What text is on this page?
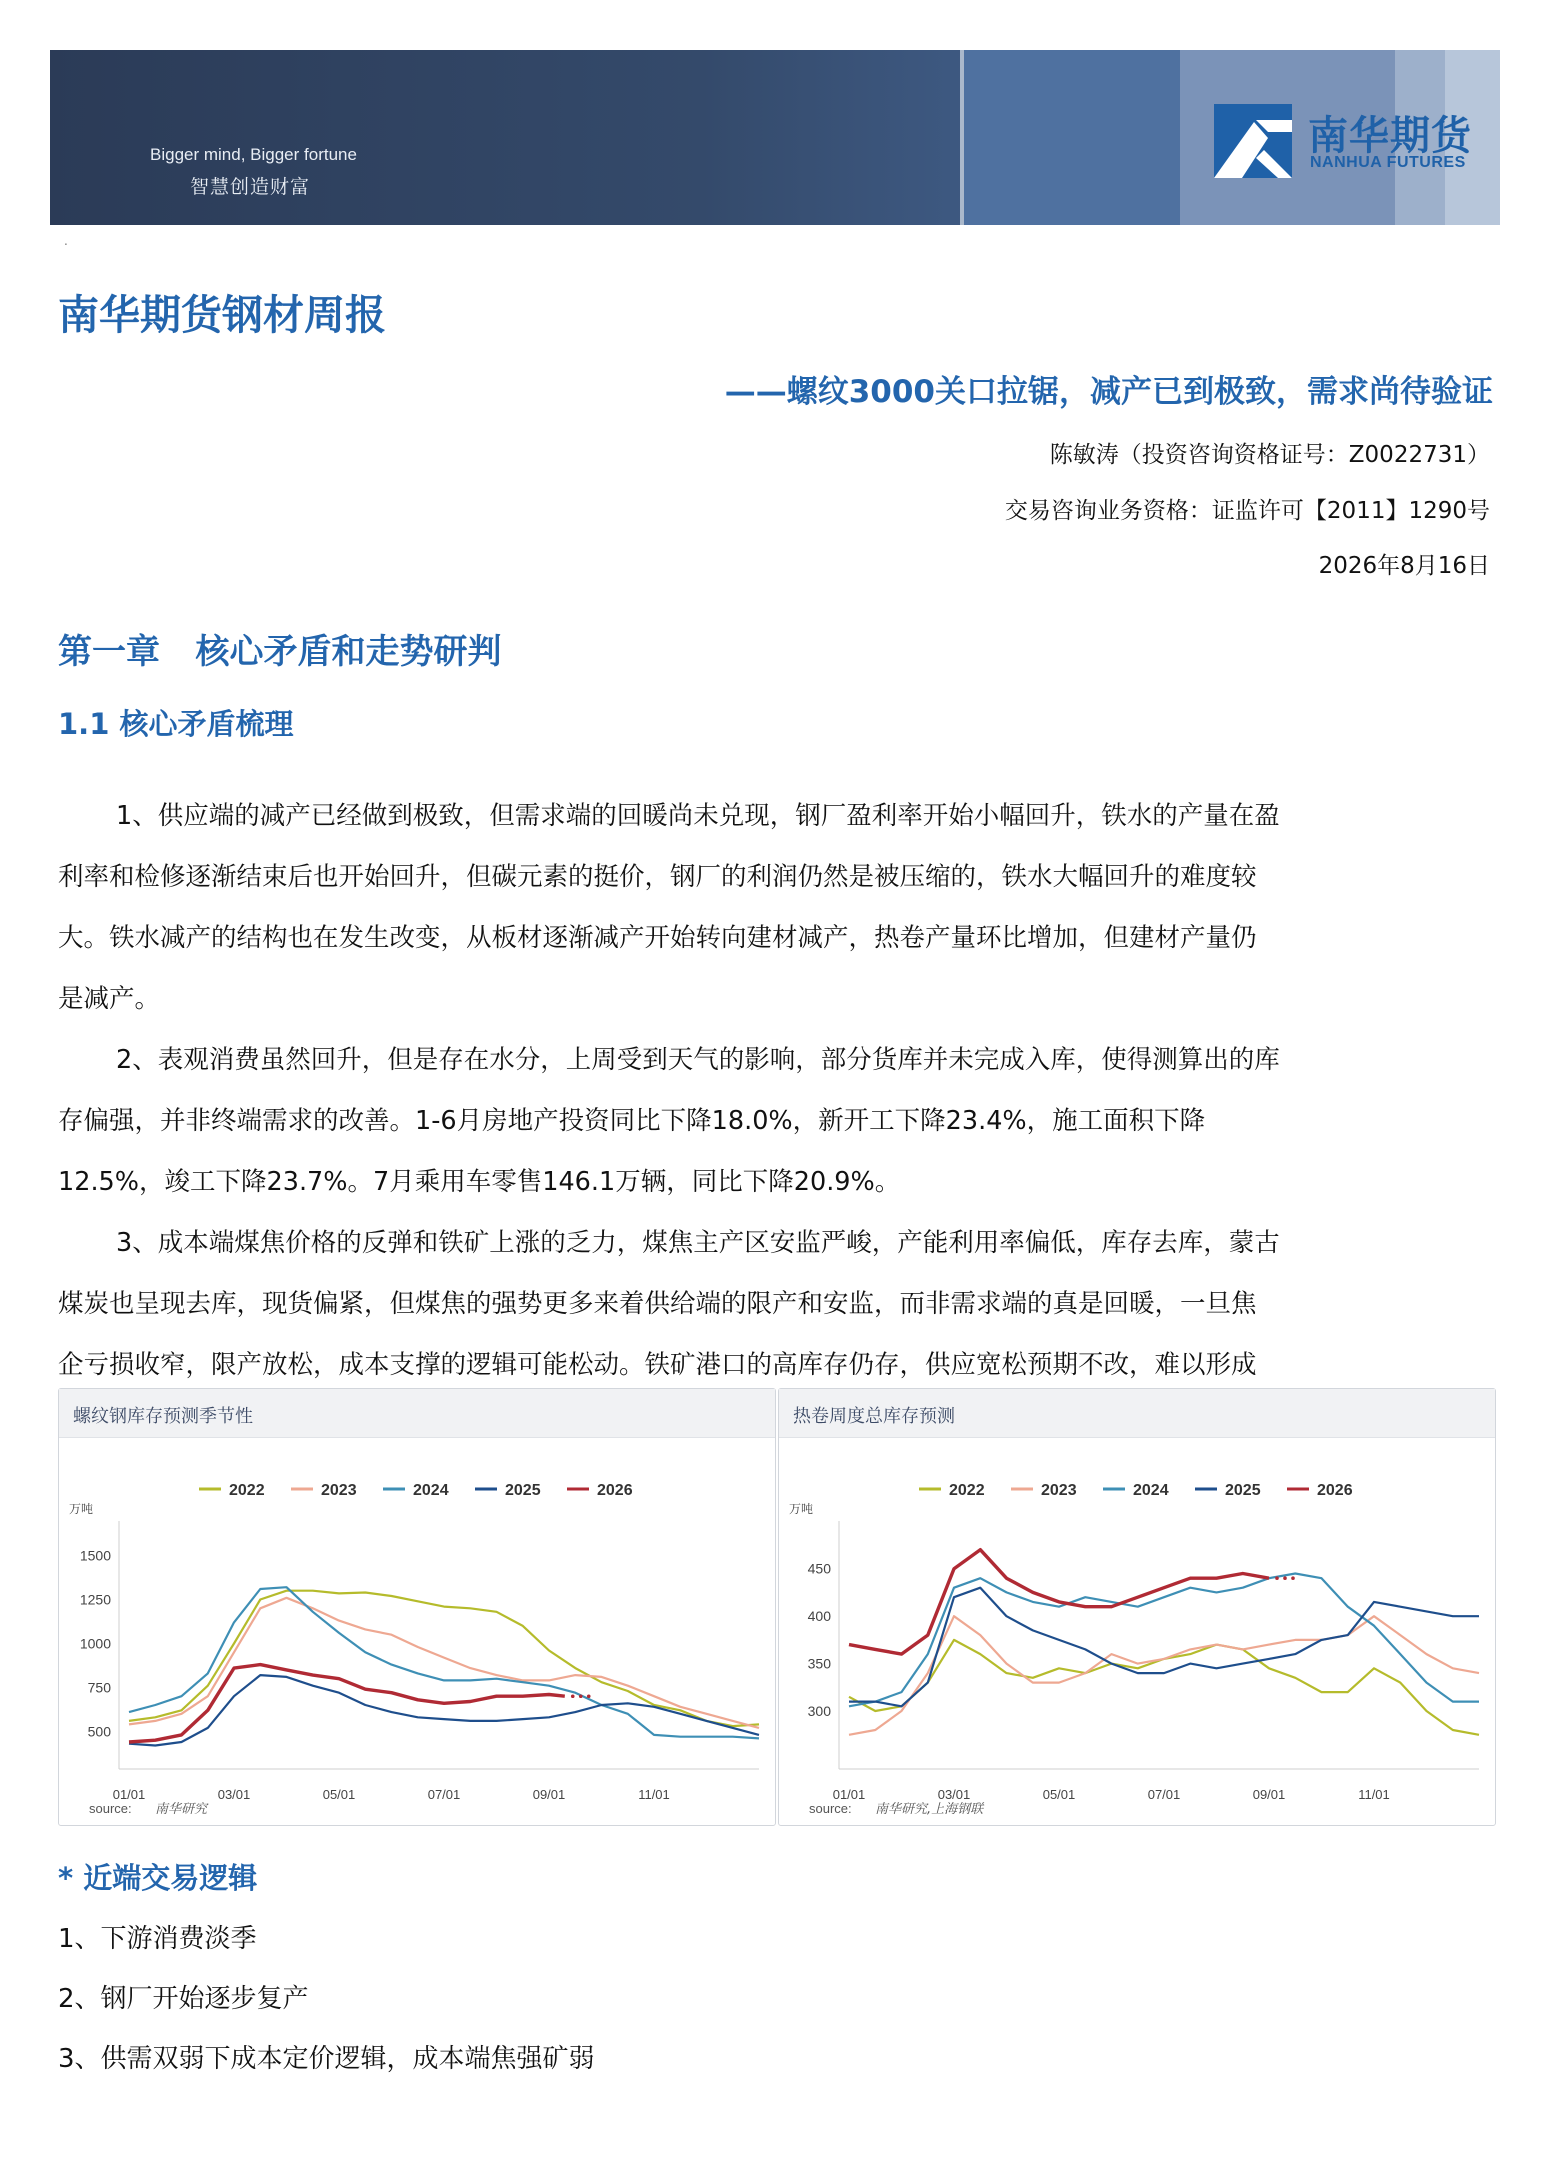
Bigger mind, Bigger fortune
智慧创造财富
南华期货
NANHUA FUTURES
.
南华期货钢材周报
——螺纹3000关口拉锯，减产已到极致，需求尚待验证
陈敏涛（投资咨询资格证号：Z0022731）
交易咨询业务资格：证监许可【2011】1290号
2026年8月16日
第一章   核心矛盾和走势研判
1.1 核心矛盾梳理
1、供应端的减产已经做到极致，但需求端的回暖尚未兑现，钢厂盈利率开始小幅回升，铁水的产量在盈
利率和检修逐渐结束后也开始回升，但碳元素的挺价，钢厂的利润仍然是被压缩的，铁水大幅回升的难度较
大。铁水减产的结构也在发生改变，从板材逐渐减产开始转向建材减产，热卷产量环比增加，但建材产量仍
是减产。
2、表观消费虽然回升，但是存在水分，上周受到天气的影响，部分货库并未完成入库，使得测算出的库
存偏强，并非终端需求的改善。1-6月房地产投资同比下降18.0%，新开工下降23.4%，施工面积下降
12.5%，竣工下降23.7%。7月乘用车零售146.1万辆，同比下降20.9%。
3、成本端煤焦价格的反弹和铁矿上涨的乏力，煤焦主产区安监严峻，产能利用率偏低，库存去库，蒙古
煤炭也呈现去库，现货偏紧，但煤焦的强势更多来着供给端的限产和安监，而非需求端的真是回暖，一旦焦
企亏损收窄，限产放松，成本支撑的逻辑可能松动。铁矿港口的高库存仍存，供应宽松预期不改，难以形成
螺纹钢库存预测季节性
2022	2023	2024	2025	2026
万吨
500
750
1000
1250
1500
01/01	03/01	05/01	07/01	09/01	11/01
source: 南华研究
热卷周度总库存预测
2022	2023	2024	2025	2026
万吨
300
350
400
450
01/01	03/01	05/01	07/01	09/01	11/01
source: 南华研究,上海钢联
* 近端交易逻辑
1、下游消费淡季
2、钢厂开始逐步复产
3、供需双弱下成本定价逻辑，成本端焦强矿弱
